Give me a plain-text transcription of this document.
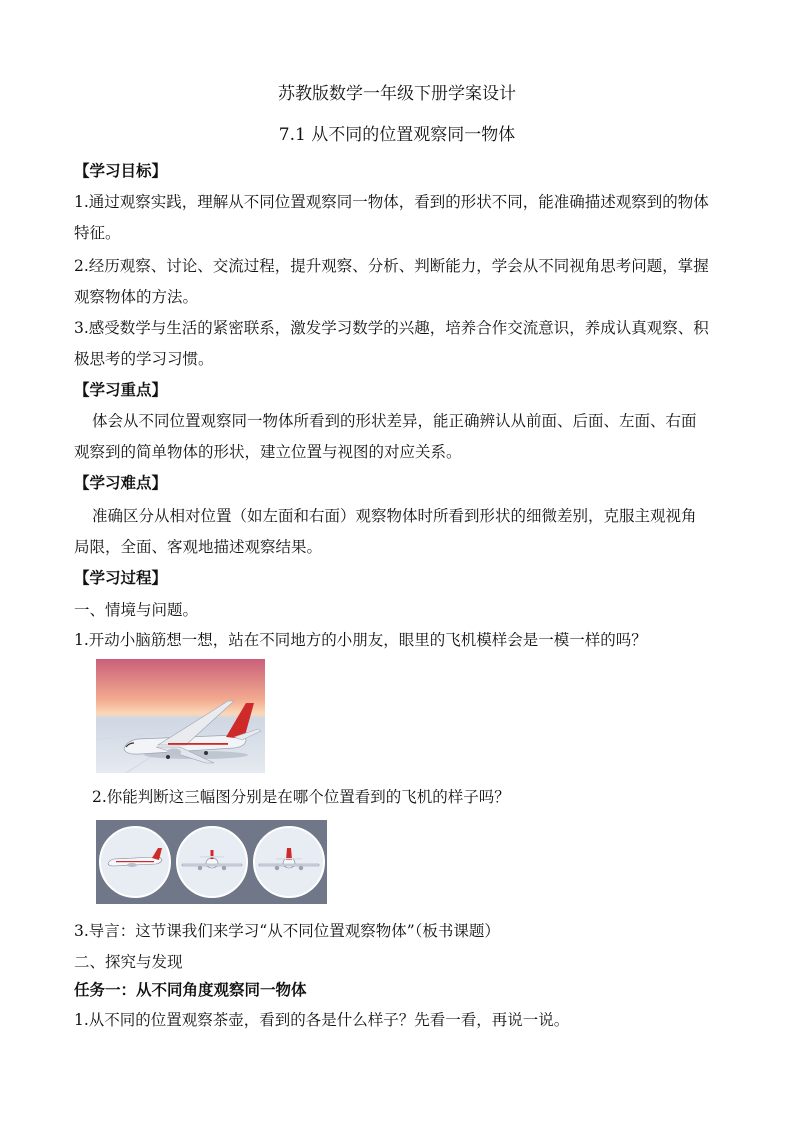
苏教版数学一年级下册学案设计
7.1 从不同的位置观察同一物体
【学习目标】
1.通过观察实践，理解从不同位置观察同一物体，看到的形状不同，能准确描述观察到的物体
特征。
2.经历观察、讨论、交流过程，提升观察、分析、判断能力，学会从不同视角思考问题，掌握
观察物体的方法。
3.感受数学与生活的紧密联系，激发学习数学的兴趣，培养合作交流意识，养成认真观察、积
极思考的学习习惯。
【学习重点】
体会从不同位置观察同一物体所看到的形状差异，能正确辨认从前面、后面、左面、右面
观察到的简单物体的形状，建立位置与视图的对应关系。
【学习难点】
准确区分从相对位置（如左面和右面）观察物体时所看到形状的细微差别，克服主观视角
局限，全面、客观地描述观察结果。
【学习过程】
一、情境与问题。
1.开动小脑筋想一想，站在不同地方的小朋友，眼里的飞机模样会是一模一样的吗？
2.你能判断这三幅图分别是在哪个位置看到的飞机的样子吗？
3.导言：这节课我们来学习“从不同位置观察物体”（板书课题）
二、探究与发现
任务一：从不同角度观察同一物体
1.从不同的位置观察茶壶，看到的各是什么样子？先看一看，再说一说。
